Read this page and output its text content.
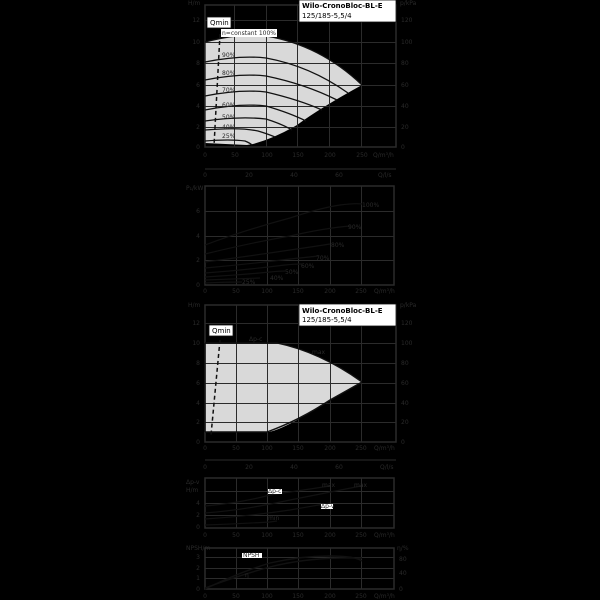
Qmin
n=constant 100%
90%
80%
70%
60%
50%
40%
25%
Wilo-CronoBloc-BL-E
125/185-5,5/4
H/m	p/kPa
0
2
4
6
8
10
12
0
20
40
60
80
100
120
0	50	100	150	200	250 Q/m³/h
0	20	40	60	Q/l/s
100%
90%
80%
70%
60%
50%
40%
25%
P₁/kW
0
2
4
6
0	50	100	150	200	250 Q/m³/h
Qmin
Δp-c
max
Wilo-CronoBloc-BL-E
125/185-5,5/4
H/m	p/kPa
0
2
4
6
8
10
12
0
20
40
60
80
100
120
0	50	100	150	200	250 Q/m³/h
0	20	40	60	Q/l/s
Δp-c
Δp-v
max	max
min
Δp-v
H/m
0
2
4
0	50	100	150	200	250 Q/m³/h
NPSH
η
NPSH/m	η/%
0
1
2
3
0
40
80
0	50	100	150	200	250 Q/m³/h
